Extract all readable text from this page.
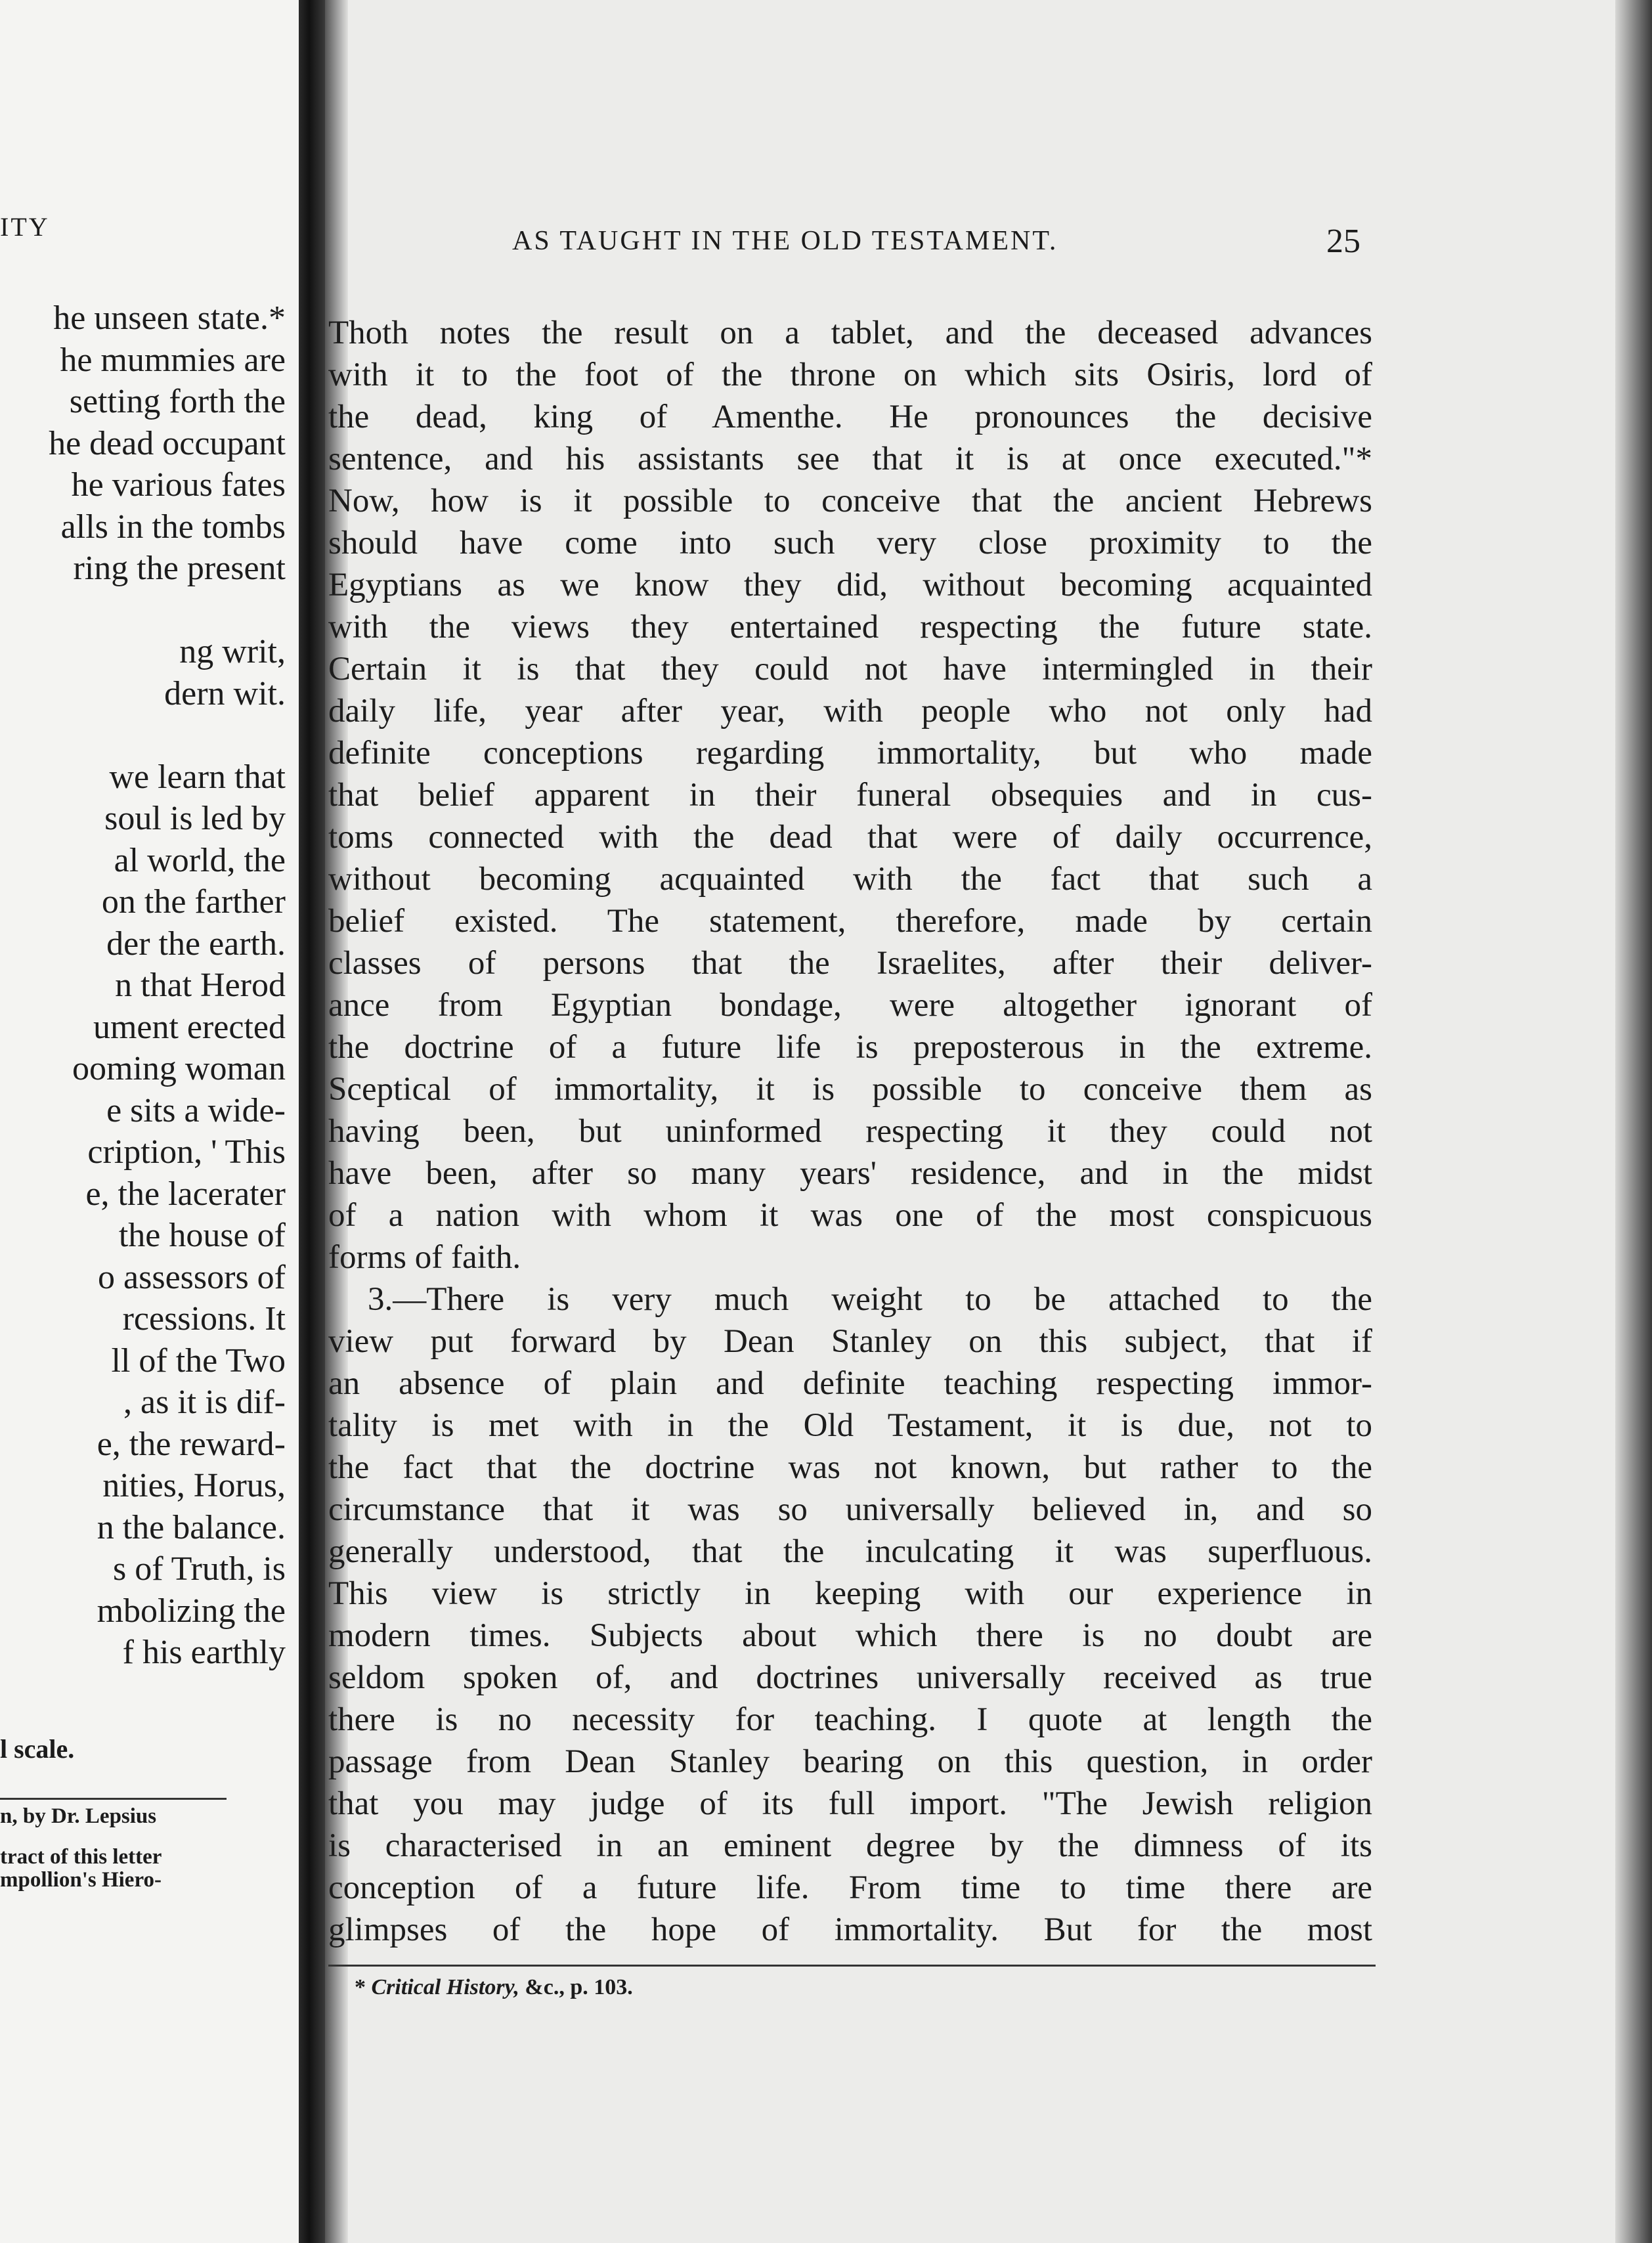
ITY
he unseen state.*
he mummies are
setting forth the
he dead occupant
he various fates
alls in the tombs
ring the present
ng writ,
dern wit.
we learn that
soul is led by
al world, the
on the farther
der the earth.
n that Herod
ument erected
ooming woman
e sits a wide-
cription, ' This
e, the lacerater
the house of
o assessors of
rcessions. It
ll of the Two
, as it is dif-
e, the reward-
nities, Horus,
n the balance.
s of Truth, is
mbolizing the
f his earthly
l scale.
n, by Dr. Lepsius
tract of this letter
mpollion's Hiero-
AS TAUGHT IN THE OLD TESTAMENT.	25
Thoth notes the result on a tablet, and the deceased advances
with it to the foot of the throne on which sits Osiris, lord of
the dead, king of Amenthe. He pronounces the decisive
sentence, and his assistants see that it is at once executed."*
Now, how is it possible to conceive that the ancient Hebrews
should have come into such very close proximity to the
Egyptians as we know they did, without becoming acquainted
with the views they entertained respecting the future state.
Certain it is that they could not have intermingled in their
daily life, year after year, with people who not only had
definite conceptions regarding immortality, but who made
that belief apparent in their funeral obsequies and in cus-
toms connected with the dead that were of daily occurrence,
without becoming acquainted with the fact that such a
belief existed. The statement, therefore, made by certain
classes of persons that the Israelites, after their deliver-
ance from Egyptian bondage, were altogether ignorant of
the doctrine of a future life is preposterous in the extreme.
Sceptical of immortality, it is possible to conceive them as
having been, but uninformed respecting it they could not
have been, after so many years' residence, and in the midst
of a nation with whom it was one of the most conspicuous
forms of faith.
3.—There is very much weight to be attached to the
view put forward by Dean Stanley on this subject, that if
an absence of plain and definite teaching respecting immor-
tality is met with in the Old Testament, it is due, not to
the fact that the doctrine was not known, but rather to the
circumstance that it was so universally believed in, and so
generally understood, that the inculcating it was superfluous.
This view is strictly in keeping with our experience in
modern times. Subjects about which there is no doubt are
seldom spoken of, and doctrines universally received as true
there is no necessity for teaching. I quote at length the
passage from Dean Stanley bearing on this question, in order
that you may judge of its full import. "The Jewish religion
is characterised in an eminent degree by the dimness of its
conception of a future life. From time to time there are
glimpses of the hope of immortality. But for the most
* Critical History, &c., p. 103.
